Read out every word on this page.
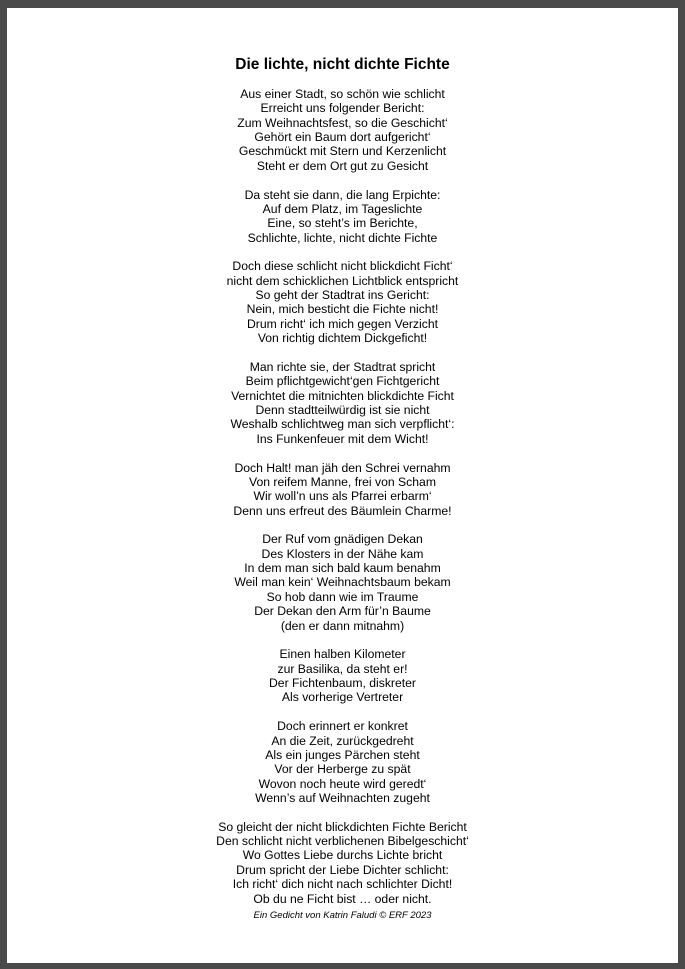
Die lichte, nicht dichte Fichte
Aus einer Stadt, so schön wie schlicht
Erreicht uns folgender Bericht:
Zum Weihnachtsfest, so die Geschicht‘
Gehört ein Baum dort aufgericht‘
Geschmückt mit Stern und Kerzenlicht
Steht er dem Ort gut zu Gesicht
Da steht sie dann, die lang Erpichte:
Auf dem Platz, im Tageslichte
Eine, so steht’s im Berichte,
Schlichte, lichte, nicht dichte Fichte
Doch diese schlicht nicht blickdicht Ficht‘
nicht dem schicklichen Lichtblick entspricht
So geht der Stadtrat ins Gericht:
Nein, mich besticht die Fichte nicht!
Drum richt‘ ich mich gegen Verzicht
Von richtig dichtem Dickgeficht!
Man richte sie, der Stadtrat spricht
Beim pflichtgewicht‘gen Fichtgericht
Vernichtet die mitnichten blickdichte Ficht
Denn stadtteilwürdig ist sie nicht
Weshalb schlichtweg man sich verpflicht‘:
Ins Funkenfeuer mit dem Wicht!
Doch Halt! man jäh den Schrei vernahm
Von reifem Manne, frei von Scham
Wir woll’n uns als Pfarrei erbarm‘
Denn uns erfreut des Bäumlein Charme!
Der Ruf vom gnädigen Dekan
Des Klosters in der Nähe kam
In dem man sich bald kaum benahm
Weil man kein‘ Weihnachtsbaum bekam
So hob dann wie im Traume
Der Dekan den Arm für’n Baume
(den er dann mitnahm)
Einen halben Kilometer
zur Basilika, da steht er!
Der Fichtenbaum, diskreter
Als vorherige Vertreter
Doch erinnert er konkret
An die Zeit, zurückgedreht
Als ein junges Pärchen steht
Vor der Herberge zu spät
Wovon noch heute wird geredt‘
Wenn’s auf Weihnachten zugeht
So gleicht der nicht blickdichten Fichte Bericht
Den schlicht nicht verblichenen Bibelgeschicht‘
Wo Gottes Liebe durchs Lichte bricht
Drum spricht der Liebe Dichter schlicht:
Ich richt‘ dich nicht nach schlichter Dicht!
Ob du ne Ficht bist … oder nicht.
Ein Gedicht von Katrin Faludi © ERF 2023
